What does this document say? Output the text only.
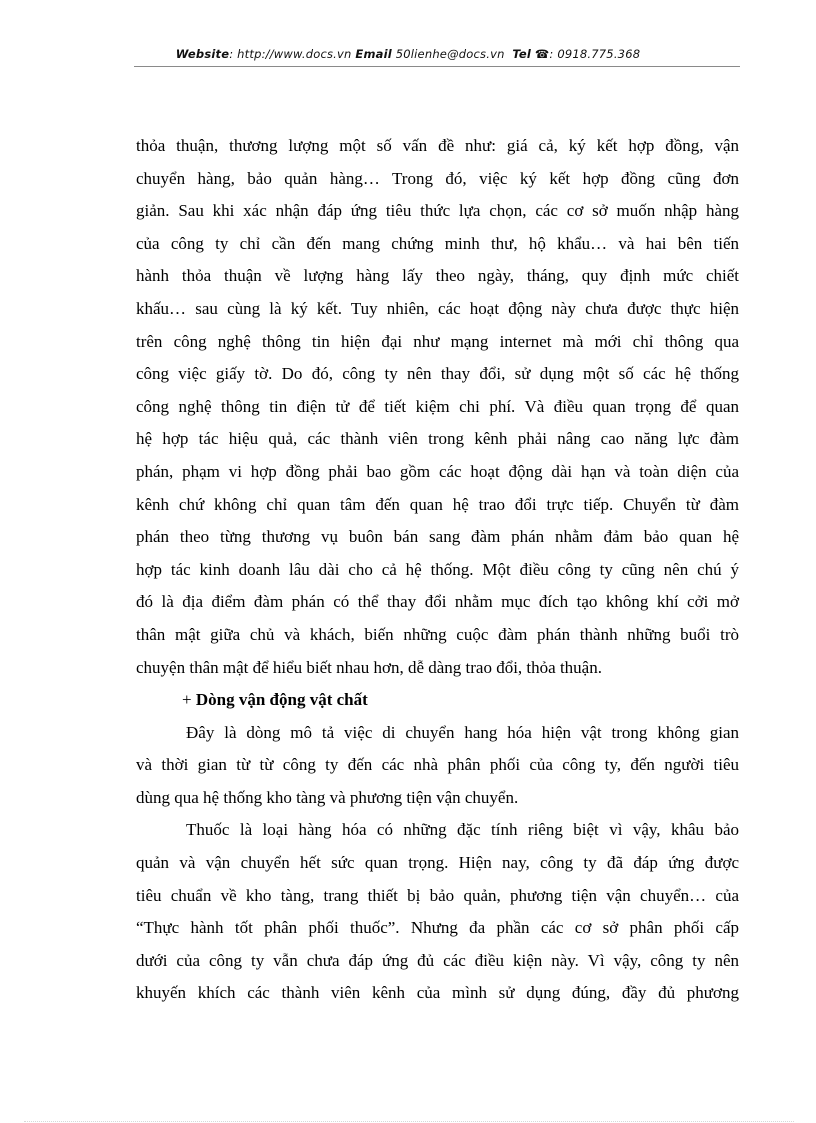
Website: http://www.docs.vn Email 50lienhe@docs.vn Tel ☎: 0918.775.368
thỏa thuận, thương lượng một số vấn đề như: giá cả, ký kết hợp đồng, vận
chuyển hàng, bảo quản hàng… Trong đó, việc ký kết hợp đồng cũng đơn
giản. Sau khi xác nhận đáp ứng tiêu thức lựa chọn, các cơ sở muốn nhập hàng
của công ty chỉ cần đến mang chứng minh thư, hộ khẩu… và hai bên tiến
hành thỏa thuận về lượng hàng lấy theo ngày, tháng, quy định mức chiết
khấu… sau cùng là ký kết. Tuy nhiên, các hoạt động này chưa được thực hiện
trên công nghệ thông tin hiện đại như mạng internet mà mới chỉ thông qua
công việc giấy tờ. Do đó, công ty nên thay đổi, sử dụng một số các hệ thống
công nghệ thông tin điện tử để tiết kiệm chi phí. Và điều quan trọng để quan
hệ hợp tác hiệu quả, các thành viên trong kênh phải nâng cao năng lực đàm
phán, phạm vi hợp đồng phải bao gồm các hoạt động dài hạn và toàn diện của
kênh chứ không chỉ quan tâm đến quan hệ trao đổi trực tiếp. Chuyển từ đàm
phán theo từng thương vụ buôn bán sang đàm phán nhằm đảm bảo quan hệ
hợp tác kinh doanh lâu dài cho cả hệ thống. Một điều công ty cũng nên chú ý
đó là địa điểm đàm phán có thể thay đổi nhằm mục đích tạo không khí cởi mở
thân mật giữa chủ và khách, biến những cuộc đàm phán thành những buổi trò
chuyện thân mật để hiểu biết nhau hơn, dễ dàng trao đổi, thỏa thuận.
+ Dòng vận động vật chất
Đây là dòng mô tả việc di chuyển hang hóa hiện vật trong không gian
và thời gian từ từ công ty đến các nhà phân phối của công ty, đến người tiêu
dùng qua hệ thống kho tàng và phương tiện vận chuyển.
Thuốc là loại hàng hóa có những đặc tính riêng biệt vì vậy, khâu bảo
quản và vận chuyển hết sức quan trọng. Hiện nay, công ty đã đáp ứng được
tiêu chuẩn về kho tàng, trang thiết bị bảo quản, phương tiện vận chuyển… của
“Thực hành tốt phân phối thuốc”. Nhưng đa phần các cơ sở phân phối cấp
dưới của công ty vẫn chưa đáp ứng đủ các điều kiện này. Vì vậy, công ty nên
khuyến khích các thành viên kênh của mình sử dụng đúng, đầy đủ phương
